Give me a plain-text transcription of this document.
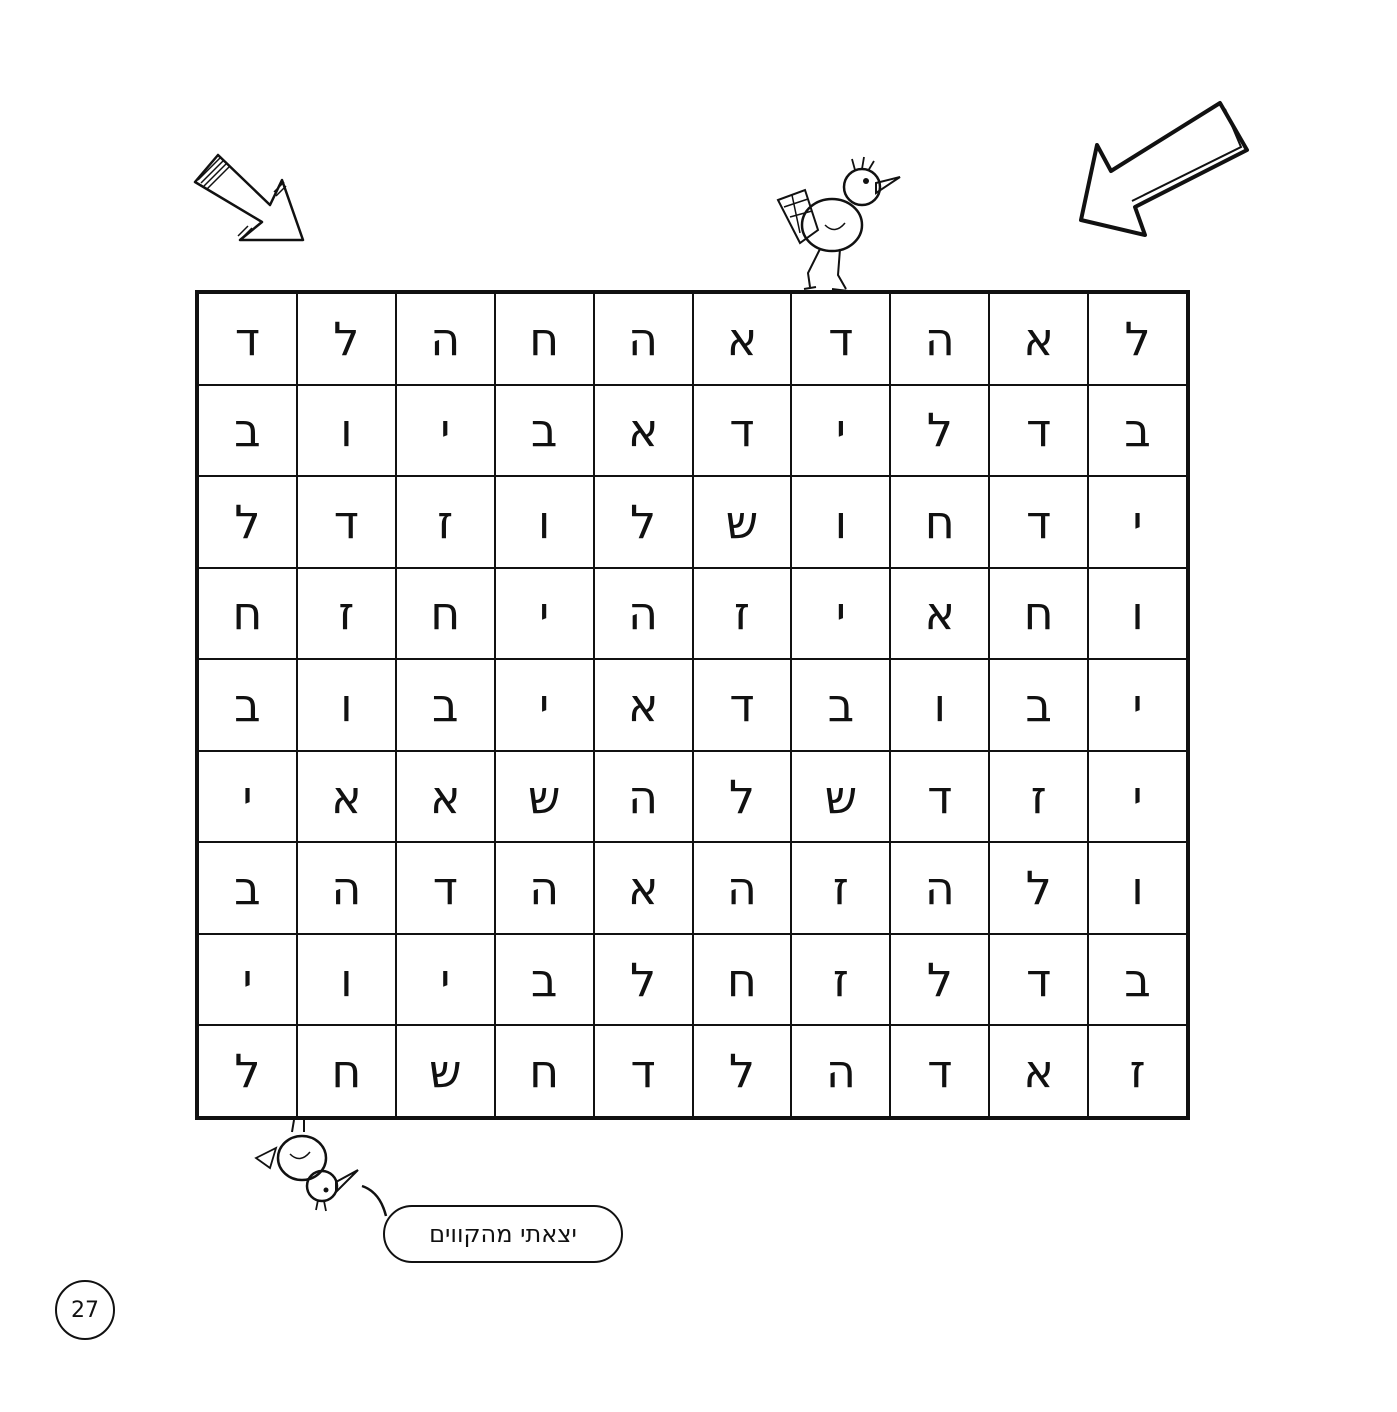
ל
א
ה
ד
א
ה
ח
ה
ל
ד
ב
ד
ל
י
ד
א
ב
י
ו
ב
י
ד
ח
ו
ש
ל
ו
ז
ד
ל
ו
ח
א
י
ז
ה
י
ח
ז
ח
י
ב
ו
ב
ד
א
י
ב
ו
ב
י
ז
ד
ש
ל
ה
ש
א
א
י
ו
ל
ה
ז
ה
א
ה
ד
ה
ב
ב
ד
ל
ז
ח
ל
ב
י
ו
י
ז
א
ד
ה
ל
ד
ח
ש
ח
ל
יצאתי מהקווים
27
